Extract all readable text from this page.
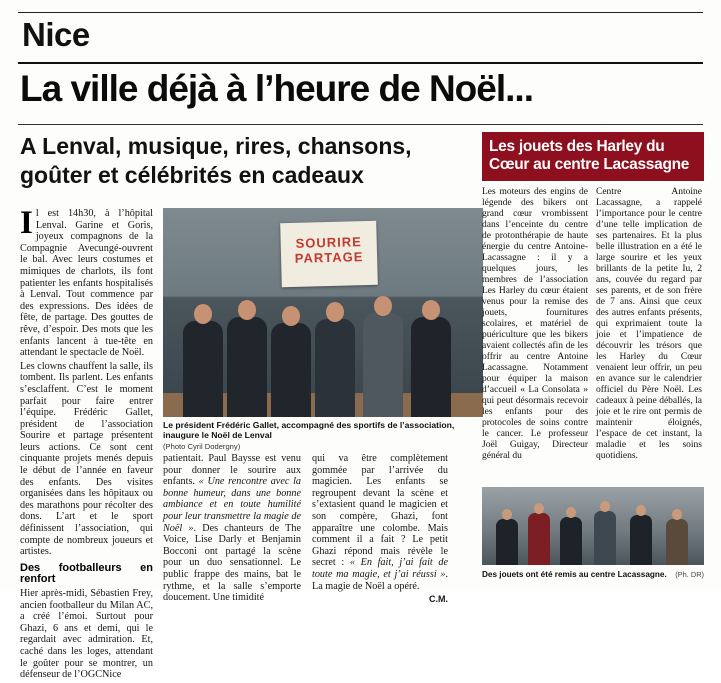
Nice
La ville déjà à l’heure de Noël...
A Lenval, musique, rires, chansons, goûter et célébrités en cadeaux

Il est 14h30, à l’hôpital Lenval. Garine et Goris, joyeux compagnons de la Compagnie Avecungé-ouvrent le bal. Avec leurs costumes et mimiques de charlots, ils font patienter les enfants hospitalisés à Lenval. Tout commence par des expressions. Des idées de fête, de partage. Des gouttes de rêve, d’espoir. Des mots que les enfants lancent à tue-tête en attendant le spectacle de Noël.

Les clowns chauffent la salle, ils tombent. Ils parlent. Les enfants s’esclaffent. C’est le moment parfait pour faire entrer l’équipe. Frédéric Gallet, président de l’association Sourire et partage présentent leurs actions. Ce sont cent cinquante projets menés depuis le début de l’année en faveur des enfants. Des visites organisées dans les hôpitaux ou des marathons pour récolter des dons. L’art et le sport définissent l’association, qui compte de nombreux joueurs et artistes.

Des footballeurs en renfort

Hier après-midi, Sébastien Frey, ancien footballeur du Milan AC, a créé l’émoi. Surtout pour Ghazi, 6 ans et demi, qui le regardait avec admiration. Et, caché dans les loges, attendant le goûter pour se montrer, un défenseur de l’OGCNice

SOURIRE PARTAGE
Le président Frédéric Gallet, accompagné des sportifs de l’association, inaugure le Noël de Lenval
(Photo Cyril Dodergny)

patientait. Paul Baysse est venu pour donner le sourire aux enfants. « Une rencontre avec la bonne humeur, dans une bonne ambiance et en toute humilité pour leur transmettre la magie de Noël ». Des chanteurs de The Voice, Lise Darly et Benjamin Bocconi ont partagé la scène pour un duo sensationnel. Le public frappe des mains, bat le rythme, et la salle s’emporte doucement. Une timidité

qui va être complètement gommée par l’arrivée du magicien. Les enfants se regroupent devant la scène et s’extasient quand le magicien et son compère, Ghazi, font apparaître une colombe. Mais comment il a fait ? Le petit Ghazi répond mais révèle le secret : « En fait, j’ai fait de toute ma magie, et j’ai réussi ». La magie de Noël a opéré.

C.M.
Les jouets des Harley du Cœur au centre Lacassagne

Les moteurs des engins de légende des bikers ont grand cœur vrombissent dans l’enceinte du centre de protonthérapie de haute énergie du centre Antoine-Lacassagne : il y a quelques jours, les membres de l’association Les Harley du cœur étaient venus pour la remise des jouets, fournitures scolaires, et matériel de puériculture que les bikers avaient collectés afin de les offrir au centre Antoine Lacassagne. Notamment pour équiper la maison d’accueil « La Consolata » qui peut désormais recevoir les enfants pour des protocoles de soins contre le cancer. Le professeur Joël Guigay, Directeur général du

Centre Antoine Lacassagne, a rappelé l’importance pour le centre d’une telle implication de ses partenaires. Et la plus belle illustration en a été le large sourire et les yeux brillants de la petite Iu, 2 ans, couvée du regard par ses parents, et de son frère de 7 ans. Ainsi que ceux des autres enfants présents, qui exprimaient toute la joie et l’impatience de découvrir les trésors que les Harley du Cœur venaient leur offrir, un peu en avance sur le calendrier officiel du Père Noël. Les cadeaux à peine déballés, la joie et le rire ont permis de maintenir éloignés, l’espace de cet instant, la maladie et les soins quotidiens.

Des jouets ont été remis au centre Lacassagne. (Ph. DR)
